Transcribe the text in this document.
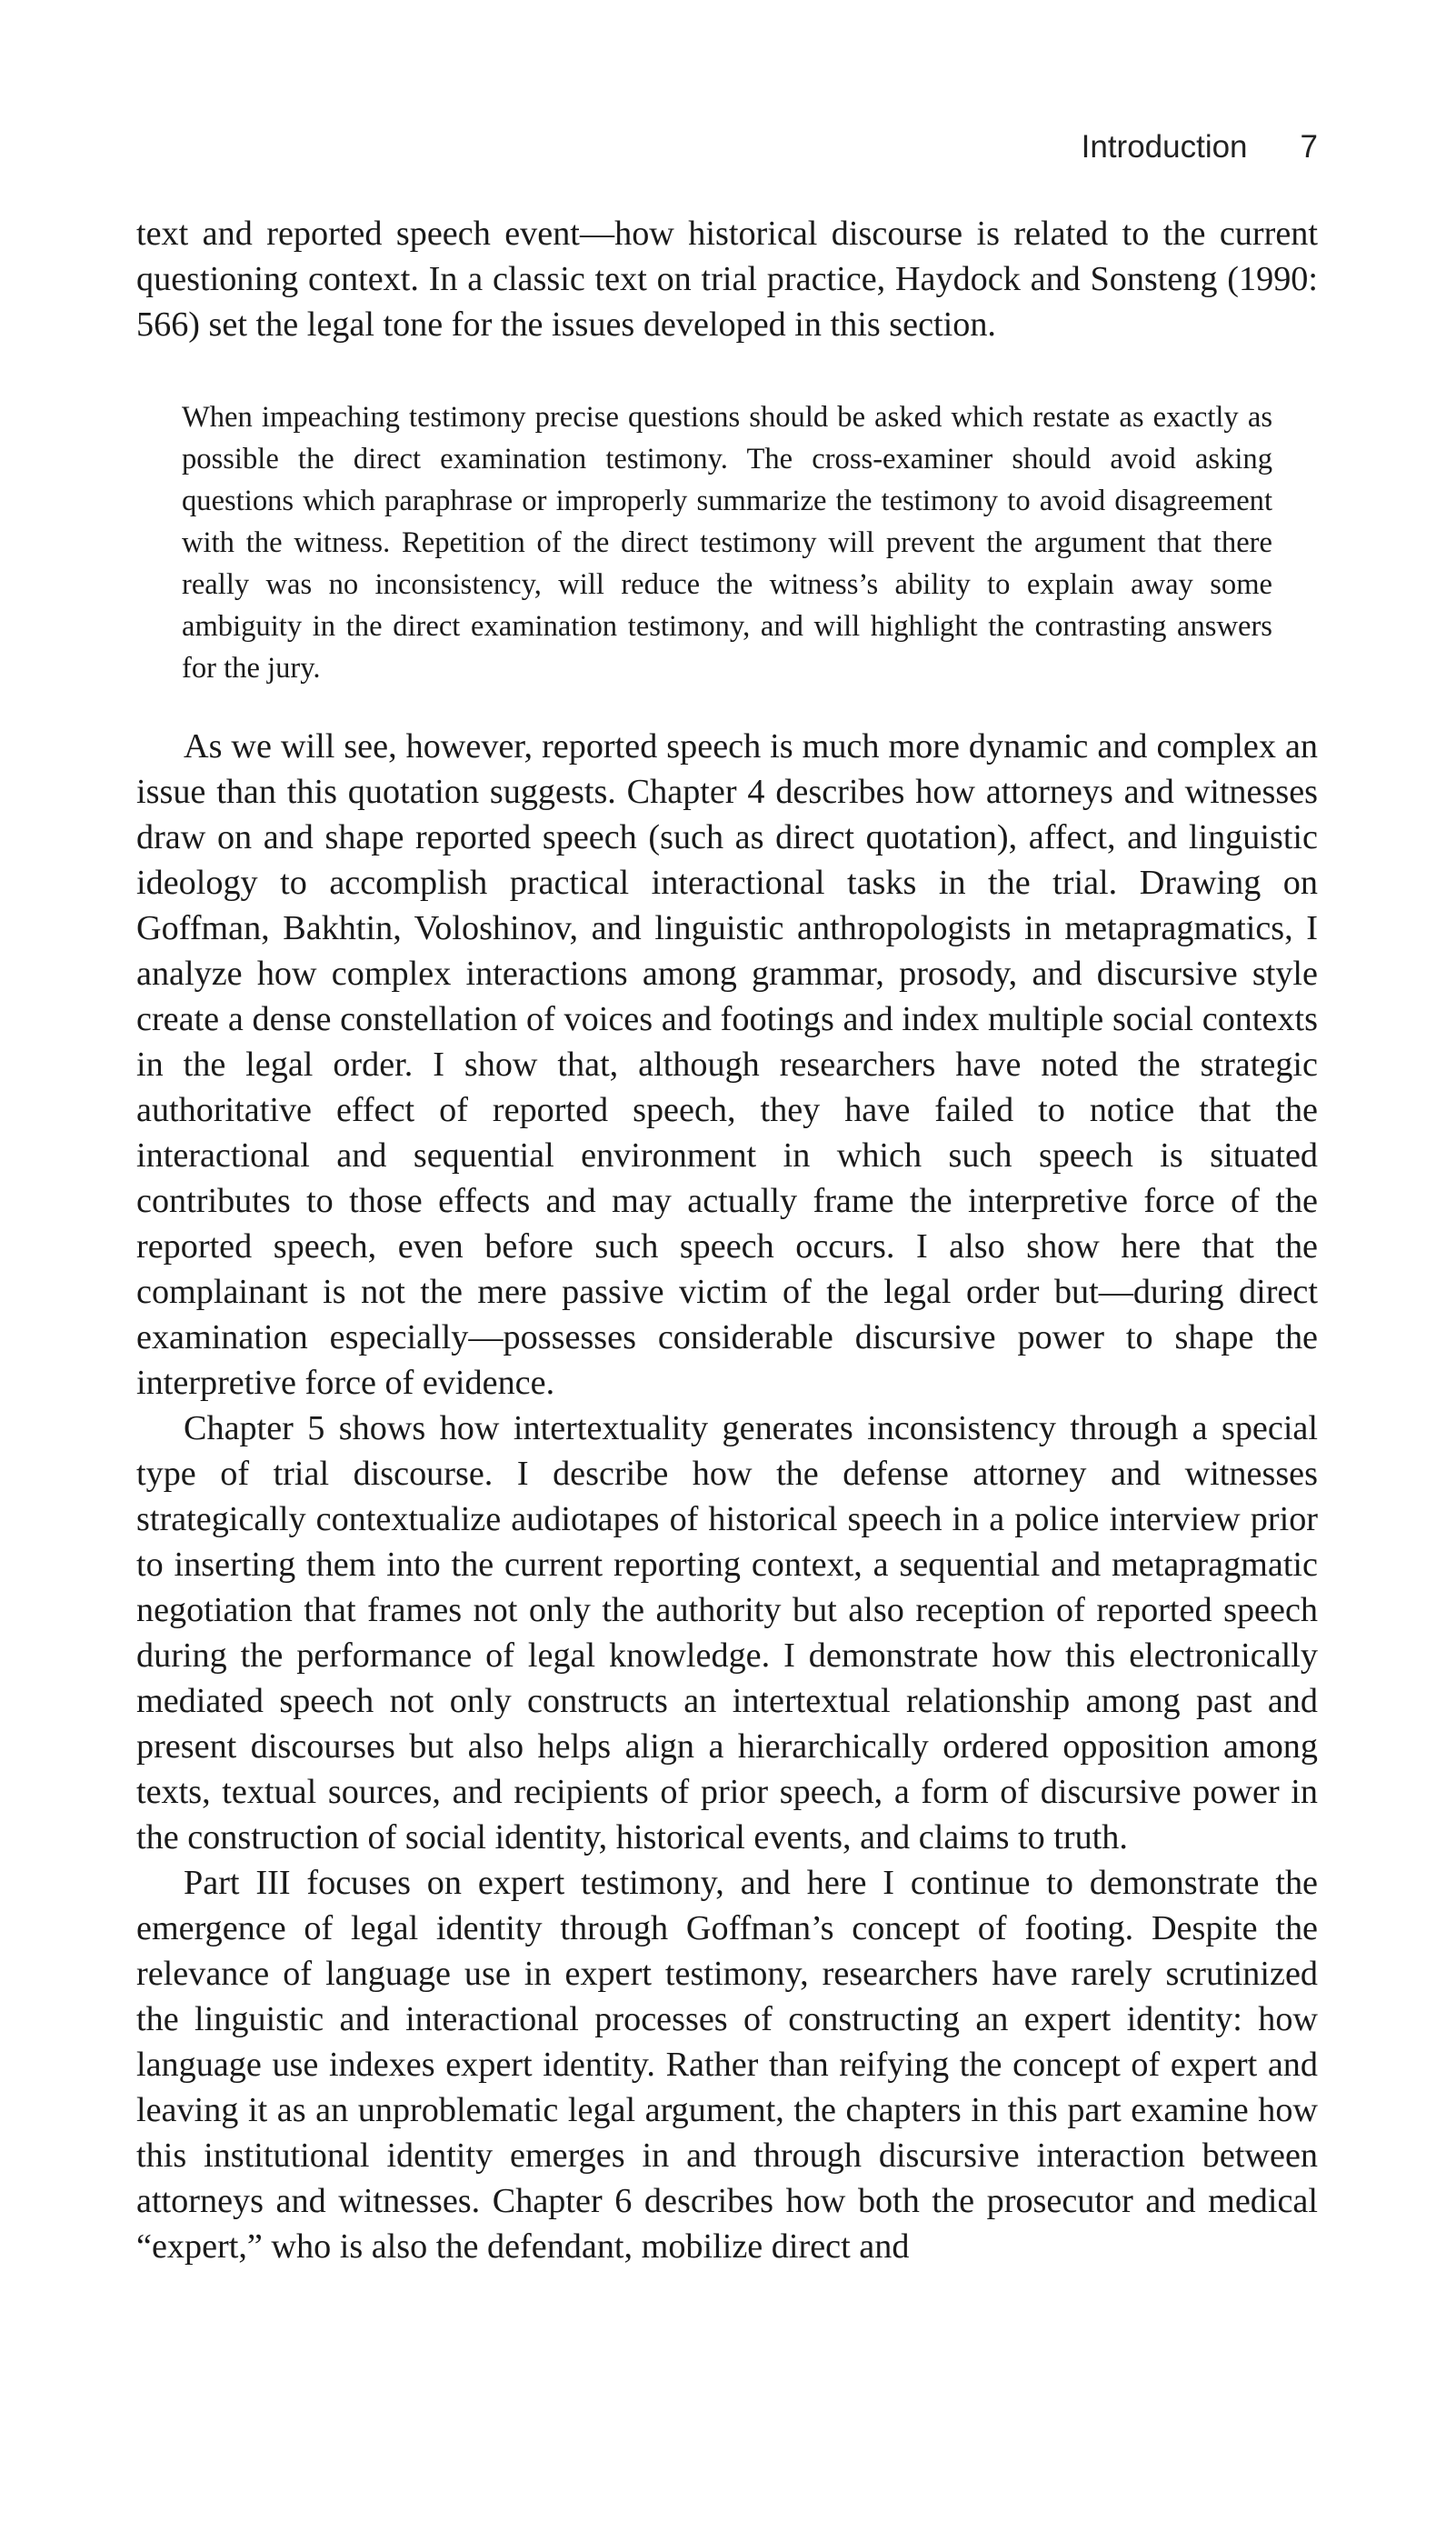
Introduction 7

text and reported speech event—how historical discourse is related to the current questioning context. In a classic text on trial practice, Haydock and Sonsteng (1990: 566) set the legal tone for the issues developed in this section.

When impeaching testimony precise questions should be asked which restate as exactly as possible the direct examination testimony. The cross-examiner should avoid asking questions which paraphrase or improperly summarize the testimony to avoid disagreement with the witness. Repetition of the direct testimony will prevent the argument that there really was no inconsistency, will reduce the witness’s ability to explain away some ambiguity in the direct examination testimony, and will highlight the contrasting answers for the jury.

As we will see, however, reported speech is much more dynamic and complex an issue than this quotation suggests. Chapter 4 describes how attorneys and witnesses draw on and shape reported speech (such as direct quotation), affect, and linguistic ideology to accomplish practical interactional tasks in the trial. Drawing on Goffman, Bakhtin, Voloshinov, and linguistic anthropologists in metapragmatics, I analyze how complex interactions among grammar, prosody, and discursive style create a dense constellation of voices and footings and index multiple social contexts in the legal order. I show that, although researchers have noted the strategic authoritative effect of reported speech, they have failed to notice that the interactional and sequential environment in which such speech is situated contributes to those effects and may actually frame the interpretive force of the reported speech, even before such speech occurs. I also show here that the complainant is not the mere passive victim of the legal order but—during direct examination especially—possesses considerable discursive power to shape the interpretive force of evidence.

Chapter 5 shows how intertextuality generates inconsistency through a special type of trial discourse. I describe how the defense attorney and witnesses strategically contextualize audiotapes of historical speech in a police interview prior to inserting them into the current reporting context, a sequential and metapragmatic negotiation that frames not only the authority but also reception of reported speech during the performance of legal knowledge. I demonstrate how this electronically mediated speech not only constructs an intertextual relationship among past and present discourses but also helps align a hierarchically ordered opposition among texts, textual sources, and recipients of prior speech, a form of discursive power in the construction of social identity, historical events, and claims to truth.

Part III focuses on expert testimony, and here I continue to demonstrate the emergence of legal identity through Goffman’s concept of footing. Despite the relevance of language use in expert testimony, researchers have rarely scrutinized the linguistic and interactional processes of constructing an expert identity: how language use indexes expert identity. Rather than reifying the concept of expert and leaving it as an unproblematic legal argument, the chapters in this part examine how this institutional identity emerges in and through discursive interaction between attorneys and witnesses. Chapter 6 describes how both the prosecutor and medical “expert,” who is also the defendant, mobilize direct and
